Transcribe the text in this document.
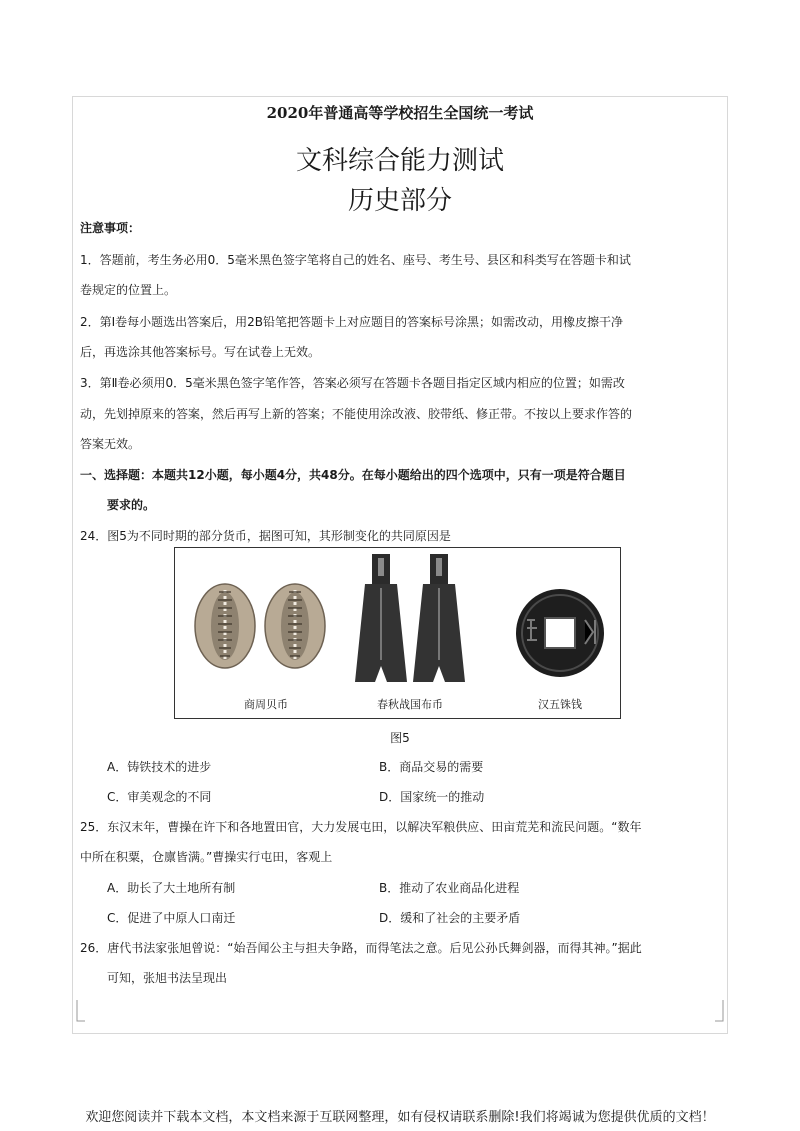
2020年普通高等学校招生全国统一考试
文科综合能力测试
历史部分
注意事项：
1．答题前，考生务必用0．5毫米黑色签字笔将自己的姓名、座号、考生号、县区和科类写在答题卡和试
卷规定的位置上。
2．第Ⅰ卷每小题选出答案后，用2B铅笔把答题卡上对应题目的答案标号涂黑；如需改动，用橡皮擦干净
后，再选涂其他答案标号。写在试卷上无效。
3．第Ⅱ卷必须用0．5毫米黑色签字笔作答，答案必须写在答题卡各题目指定区域内相应的位置；如需改
动，先划掉原来的答案，然后再写上新的答案；不能使用涂改液、胶带纸、修正带。不按以上要求作答的
答案无效。
一、选择题：本题共12小题，每小题4分，共48分。在每小题给出的四个选项中，只有一项是符合题目
要求的。
24．图5为不同时期的部分货币，据图可知，其形制变化的共同原因是
商周贝币	春秋战国布币	汉五铢钱
图5
A．铸铁技术的进步	B．商品交易的需要
C．审美观念的不同	D．国家统一的推动
25．东汉末年，曹操在许下和各地置田官，大力发展屯田，以解决军粮供应、田亩荒芜和流民问题。“数年
中所在积粟，仓廪皆满。”曹操实行屯田，客观上
A．助长了大土地所有制	B．推动了农业商品化进程
C．促进了中原人口南迁	D．缓和了社会的主要矛盾
26．唐代书法家张旭曾说：“始吾闻公主与担夫争路，而得笔法之意。后见公孙氏舞剑器，而得其神。”据此
可知，张旭书法呈现出
欢迎您阅读并下载本文档，本文档来源于互联网整理，如有侵权请联系删除!我们将竭诚为您提供优质的文档！
